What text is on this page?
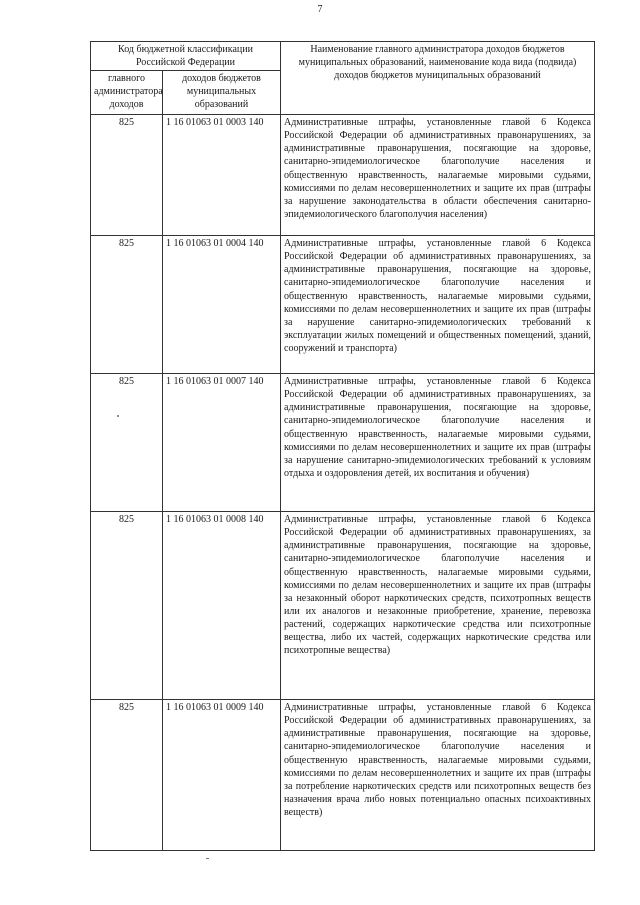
7
Код бюджетной классификации Российской Федерации		Наименование главного администратора доходов бюджетов муниципальных образований, наименование кода вида (подвида) доходов бюджетов муниципальных образований
главного администратора доходов	доходов бюджетов муниципальных образований	
825	1 16 01063 01 0003 140	Административные штрафы, установленные главой 6 Кодекса Российской Федерации об административных правонарушениях, за административные правонарушения, посягающие на здоровье, санитарно-эпидемиологическое благополучие населения и общественную нравственность, налагаемые мировыми судьями, комиссиями по делам несовершеннолетних и защите их прав (штрафы за нарушение законодательства в области обеспечения санитарно-эпидемиологического благополучия населения)
825	1 16 01063 01 0004 140	Административные штрафы, установленные главой 6 Кодекса Российской Федерации об административных правонарушениях, за административные правонарушения, посягающие на здоровье, санитарно-эпидемиологическое благополучие населения и общественную нравственность, налагаемые мировыми судьями, комиссиями по делам несовершеннолетних и защите их прав (штрафы за нарушение санитарно-эпидемиологических требований к эксплуатации жилых помещений и общественных помещений, зданий, сооружений и транспорта)
825	1 16 01063 01 0007 140	Административные штрафы, установленные главой 6 Кодекса Российской Федерации об административных правонарушениях, за административные правонарушения, посягающие на здоровье, санитарно-эпидемиологическое благополучие населения и общественную нравственность, налагаемые мировыми судьями, комиссиями по делам несовершеннолетних и защите их прав (штрафы за нарушение санитарно-эпидемиологических требований к условиям отдыха и оздоровления детей, их воспитания и обучения)
825	1 16 01063 01 0008 140	Административные штрафы, установленные главой 6 Кодекса Российской Федерации об административных правонарушениях, за административные правонарушения, посягающие на здоровье, санитарно-эпидемиологическое благополучие населения и общественную нравственность, налагаемые мировыми судьями, комиссиями по делам несовершеннолетних и защите их прав (штрафы за незаконный оборот наркотических средств, психотропных веществ или их аналогов и незаконные приобретение, хранение, перевозка растений, содержащих наркотические средства или психотропные вещества, либо их частей, содержащих наркотические средства или психотропные вещества)
825	1 16 01063 01 0009 140	Административные штрафы, установленные главой 6 Кодекса Российской Федерации об административных правонарушениях, за административные правонарушения, посягающие на здоровье, санитарно-эпидемиологическое благополучие населения и общественную нравственность, налагаемые мировыми судьями, комиссиями по делам несовершеннолетних и защите их прав (штрафы за потребление наркотических средств или психотропных веществ без назначения врача либо новых потенциально опасных психоактивных веществ)
